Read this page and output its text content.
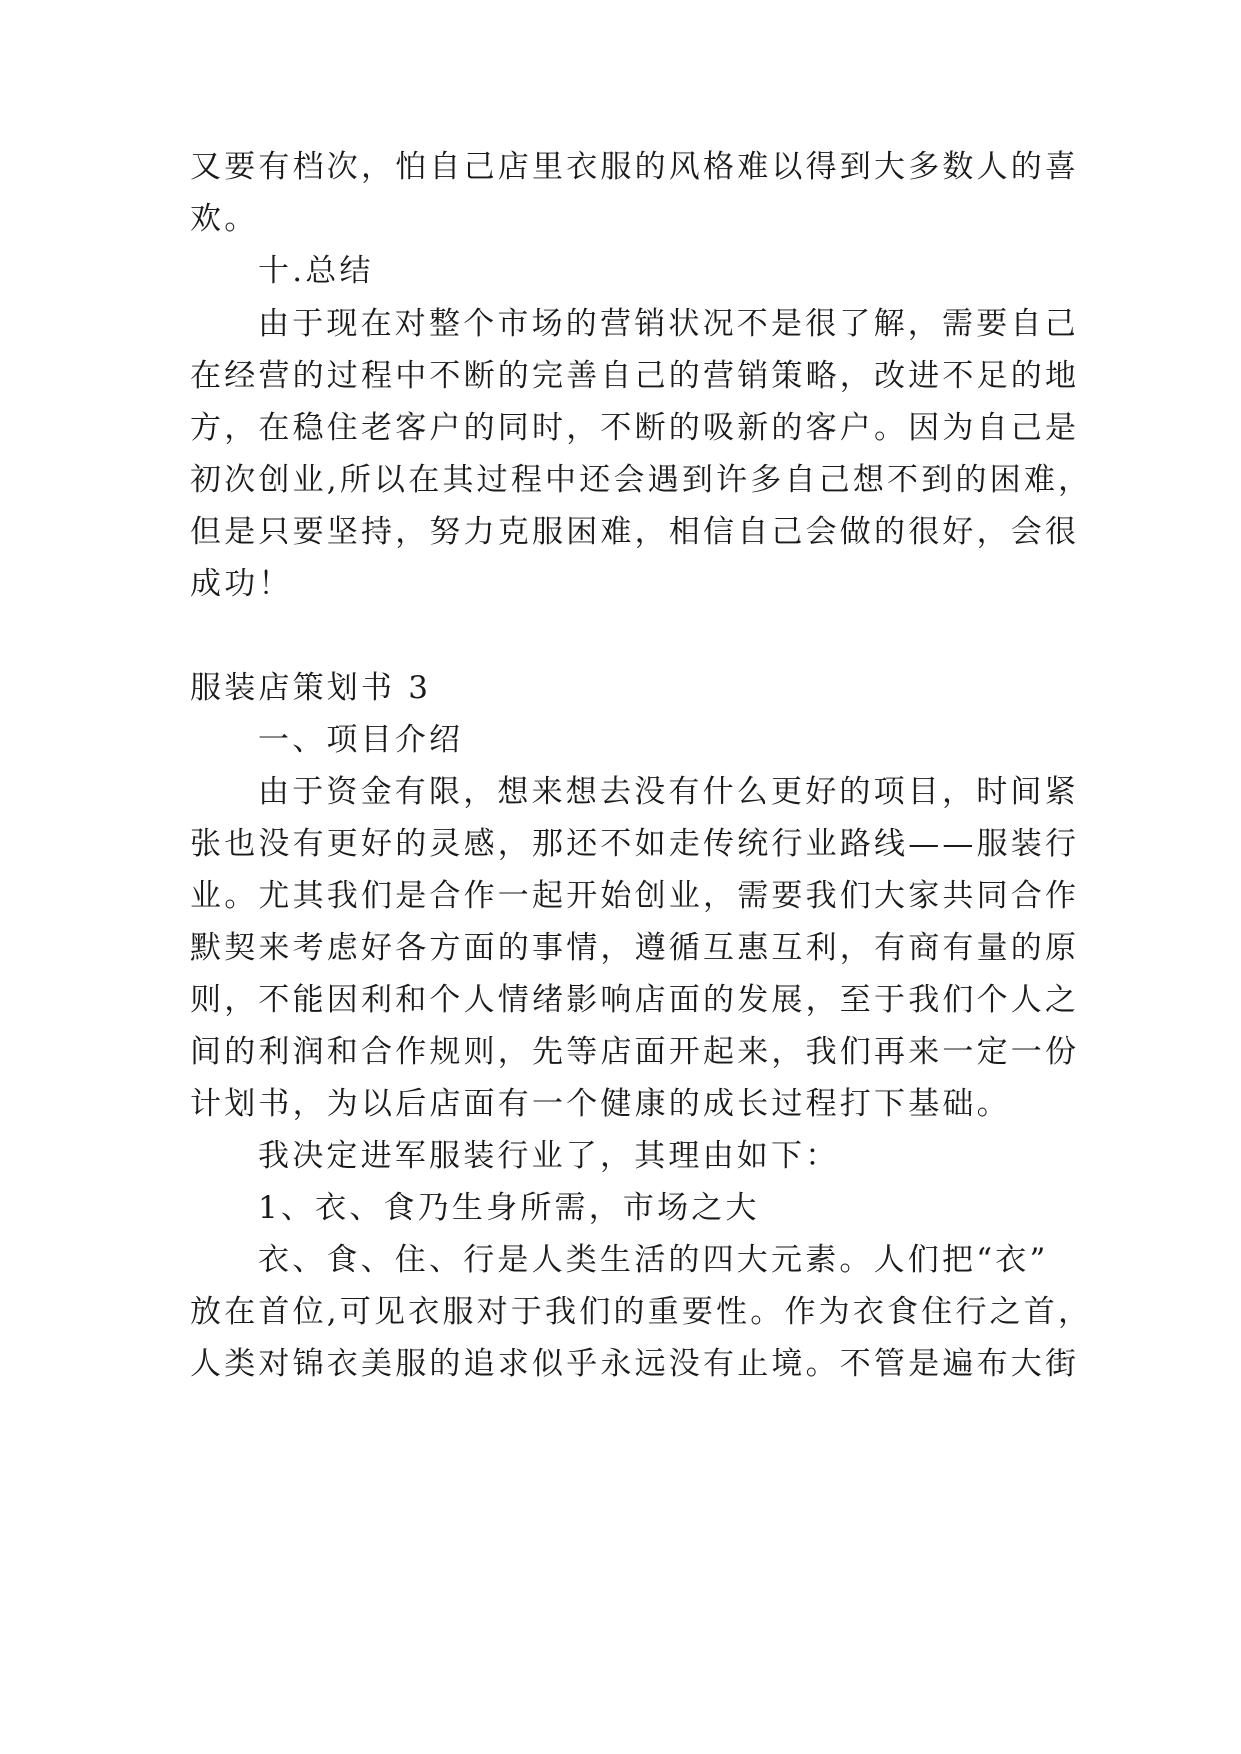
又要有档次，怕自己店里衣服的风格难以得到大多数人的喜
欢。
十.总结
由于现在对整个市场的营销状况不是很了解，需要自己
在经营的过程中不断的完善自己的营销策略，改进不足的地
方，在稳住老客户的同时，不断的吸新的客户。因为自己是
初次创业,所以在其过程中还会遇到许多自己想不到的困难，
但是只要坚持，努力克服困难，相信自己会做的很好，会很
成功！
服装店策划书 3
一、项目介绍
由于资金有限，想来想去没有什么更好的项目，时间紧
张也没有更好的灵感，那还不如走传统行业路线——服装行
业。尤其我们是合作一起开始创业，需要我们大家共同合作
默契来考虑好各方面的事情，遵循互惠互利，有商有量的原
则，不能因利和个人情绪影响店面的发展，至于我们个人之
间的利润和合作规则，先等店面开起来，我们再来一定一份
计划书，为以后店面有一个健康的成长过程打下基础。
我决定进军服装行业了，其理由如下：
1、衣、食乃生身所需，市场之大
衣、食、住、行是人类生活的四大元素。人们把“衣”
放在首位,可见衣服对于我们的重要性。作为衣食住行之首，
人类对锦衣美服的追求似乎永远没有止境。不管是遍布大街
